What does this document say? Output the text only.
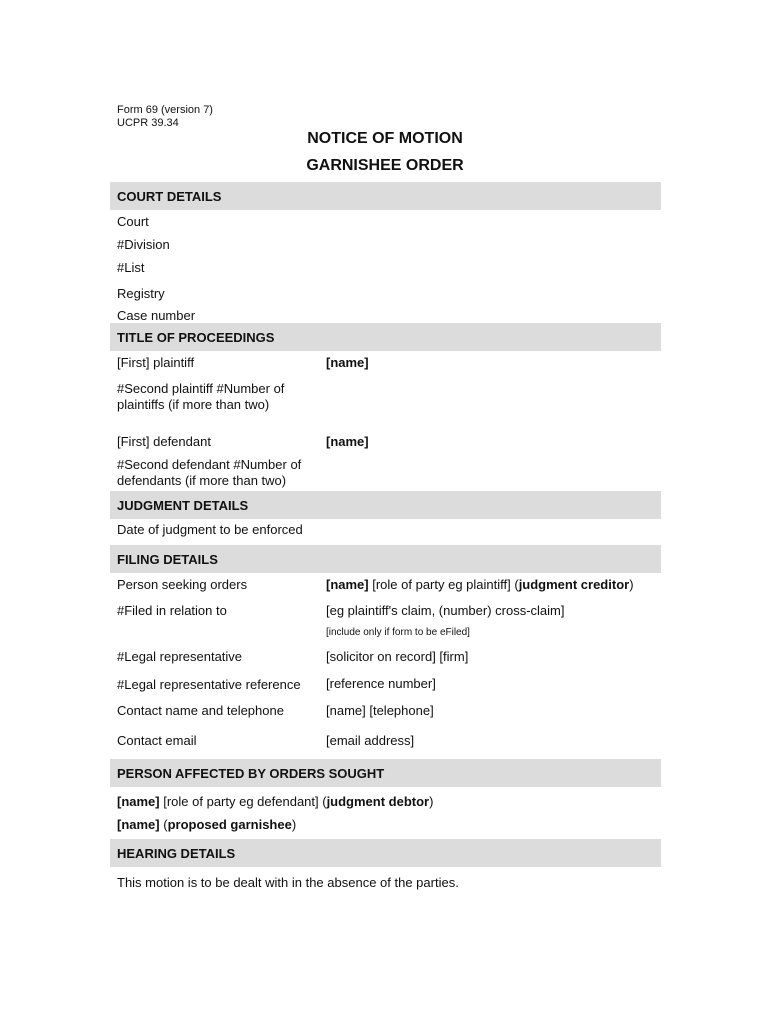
Form 69 (version 7)
UCPR 39.34
NOTICE OF MOTION
GARNISHEE ORDER
COURT DETAILS
Court
#Division
#List
Registry
Case number
TITLE OF PROCEEDINGS
[First] plaintiff	[name]
#Second plaintiff #Number of
plaintiffs (if more than two)
[First] defendant	[name]
#Second defendant #Number of
defendants (if more than two)
JUDGMENT DETAILS
Date of judgment to be enforced
FILING DETAILS
Person seeking orders	[name] [role of party eg plaintiff] (judgment creditor)
#Filed in relation to	[eg plaintiff's claim, (number) cross-claim]
[include only if form to be eFiled]
#Legal representative	[solicitor on record] [firm]
#Legal representative reference [reference number]
Contact name and telephone	[name] [telephone]
Contact email	[email address]
PERSON AFFECTED BY ORDERS SOUGHT
[name] [role of party eg defendant] (judgment debtor)
[name] (proposed garnishee)
HEARING DETAILS
This motion is to be dealt with in the absence of the parties.
